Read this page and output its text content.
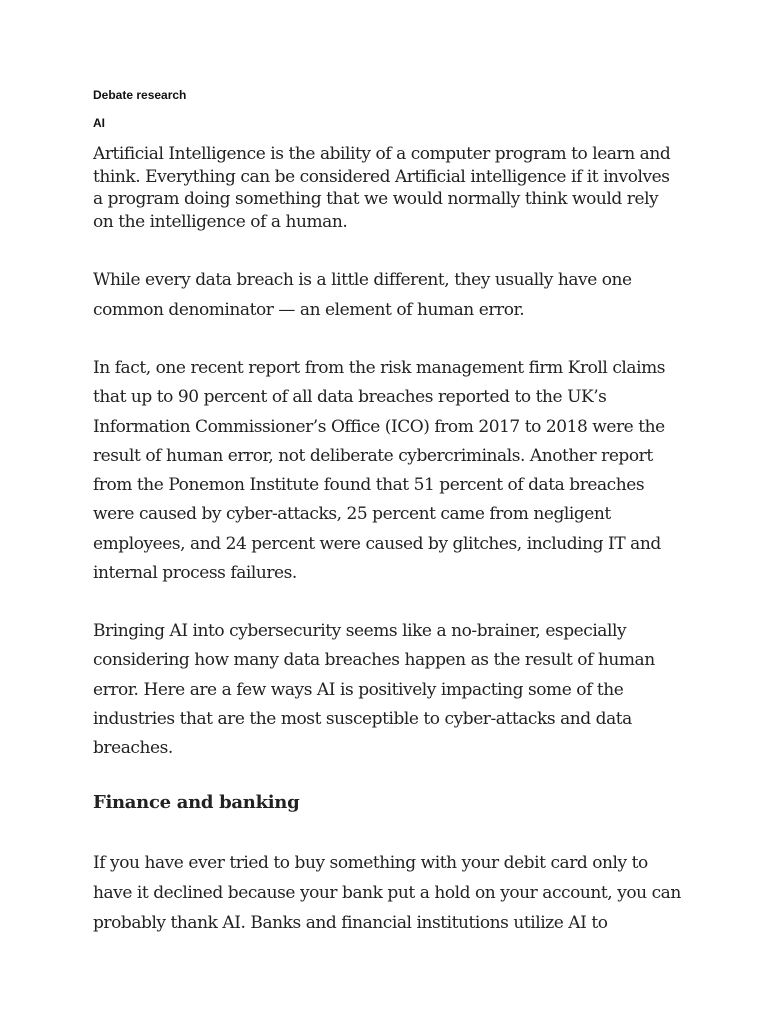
Debate research
AI

Artificial Intelligence is the ability of a computer program to learn and think. Everything can be considered Artificial intelligence if it involves a program doing something that we would normally think would rely on the intelligence of a human.

While every data breach is a little different, they usually have one common denominator — an element of human error.

In fact, one recent report from the risk management firm Kroll claims that up to 90 percent of all data breaches reported to the UK’s Information Commissioner’s Office (ICO) from 2017 to 2018 were the result of human error, not deliberate cybercriminals. Another report from the Ponemon Institute found that 51 percent of data breaches were caused by cyber-attacks, 25 percent came from negligent employees, and 24 percent were caused by glitches, including IT and internal process failures.

Bringing AI into cybersecurity seems like a no-brainer, especially considering how many data breaches happen as the result of human error. Here are a few ways AI is positively impacting some of the industries that are the most susceptible to cyber-attacks and data breaches.

Finance and banking

If you have ever tried to buy something with your debit card only to have it declined because your bank put a hold on your account, you can probably thank AI. Banks and financial institutions utilize AI to
